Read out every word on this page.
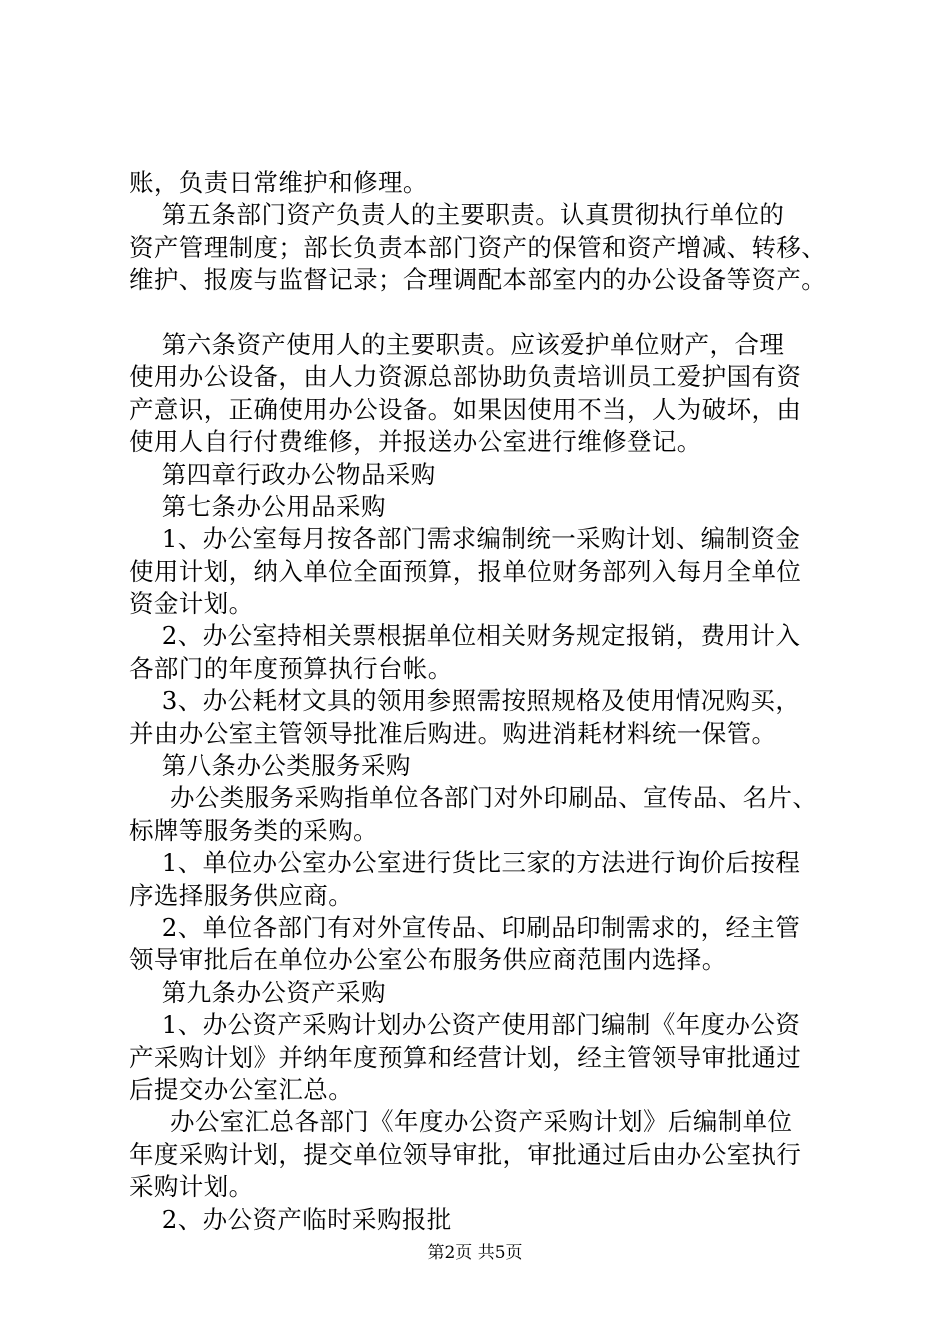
账，负责日常维护和修理。
第五条部门资产负责人的主要职责。认真贯彻执行单位的
资产管理制度；部长负责本部门资产的保管和资产增减、转移、
维护、报废与监督记录；合理调配本部室内的办公设备等资产。
第六条资产使用人的主要职责。应该爱护单位财产，合理
使用办公设备，由人力资源总部协助负责培训员工爱护国有资
产意识，正确使用办公设备。如果因使用不当，人为破坏，由
使用人自行付费维修，并报送办公室进行维修登记。
第四章行政办公物品采购
第七条办公用品采购
1、办公室每月按各部门需求编制统一采购计划、编制资金
使用计划，纳入单位全面预算，报单位财务部列入每月全单位
资金计划。
2、办公室持相关票根据单位相关财务规定报销，费用计入
各部门的年度预算执行台帐。
3、办公耗材文具的领用参照需按照规格及使用情况购买，
并由办公室主管领导批准后购进。购进消耗材料统一保管。
第八条办公类服务采购
办公类服务采购指单位各部门对外印刷品、宣传品、名片、
标牌等服务类的采购。
1、单位办公室办公室进行货比三家的方法进行询价后按程
序选择服务供应商。
2、单位各部门有对外宣传品、印刷品印制需求的，经主管
领导审批后在单位办公室公布服务供应商范围内选择。
第九条办公资产采购
1、办公资产采购计划办公资产使用部门编制《年度办公资
产采购计划》并纳年度预算和经营计划，经主管领导审批通过
后提交办公室汇总。
办公室汇总各部门《年度办公资产采购计划》后编制单位
年度采购计划，提交单位领导审批，审批通过后由办公室执行
采购计划。
2、办公资产临时采购报批
第2页 共5页
